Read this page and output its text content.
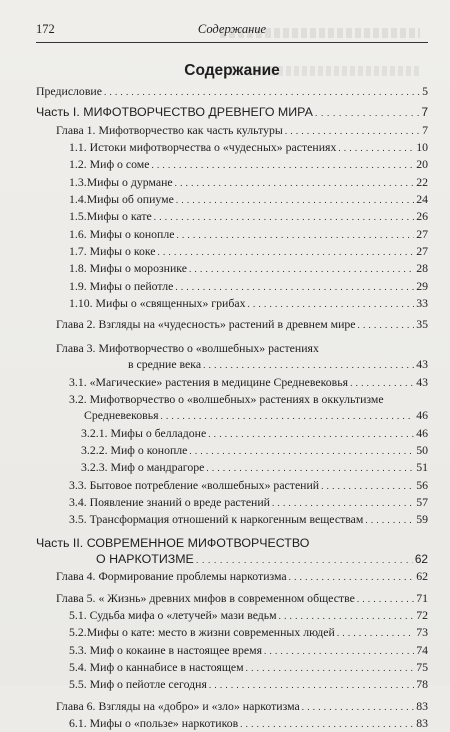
172	Содержание
Содержание
Предисловие . . .	5
Часть I. МИФОТВОРЧЕСТВО ДРЕВНЕГО МИРА . . .	7
Глава 1. Мифотворчество как часть культуры . . .	7
1.1. Истоки мифотворчества о «чудесных» растениях . . .	10
1.2. Миф о соме . . .	20
1.3.Мифы о дурмане . . .	22
1.4.Мифы об опиуме . . .	24
1.5.Мифы о кате . . .	26
1.6. Мифы о конопле . . .	27
1.7. Мифы о коке . . .	27
1.8. Мифы о морознике . . .	28
1.9. Мифы о пейотле . . .	29
1.10. Мифы о «священных» грибах . . .	33
Глава 2. Взгляды на «чудесность» растений в древнем мире . . .	35
Глава 3. Мифотворчество о «волшебных» растениях
в средние века . . .	43
3.1. «Магические» растения в медицине Средневековья . . .	43
3.2. Мифотворчество о «волшебных» растениях в оккультизме
Средневековья . . .	46
3.2.1. Мифы о белладоне . . .	46
3.2.2. Миф о конопле . . .	50
3.2.3. Миф о мандрагоре . . .	51
3.3. Бытовое потребление «волшебных» растений . . .	56
3.4. Появление знаний о вреде растений . . .	57
3.5. Трансформация отношений к наркогенным веществам . . .	59
Часть II. СОВРЕМЕННОЕ МИФОТВОРЧЕСТВО
О НАРКОТИЗМЕ . . .	62
Глава 4. Формирование проблемы наркотизма . . .	62
Глава 5. « Жизнь» древних мифов в современном обществе . . .	71
5.1. Судьба мифа о «летучей» мази ведьм . . .	72
5.2.Мифы о кате: место в жизни современных людей . . .	73
5.3. Миф о кокаине в настоящее время . . .	74
5.4. Миф о каннабисе в настоящем . . .	75
5.5. Миф о пейотле сегодня . . .	78
Глава 6. Взгляды на «добро» и «зло» наркотизма . . .	83
6.1. Мифы о «пользе» наркотиков . . .	83
